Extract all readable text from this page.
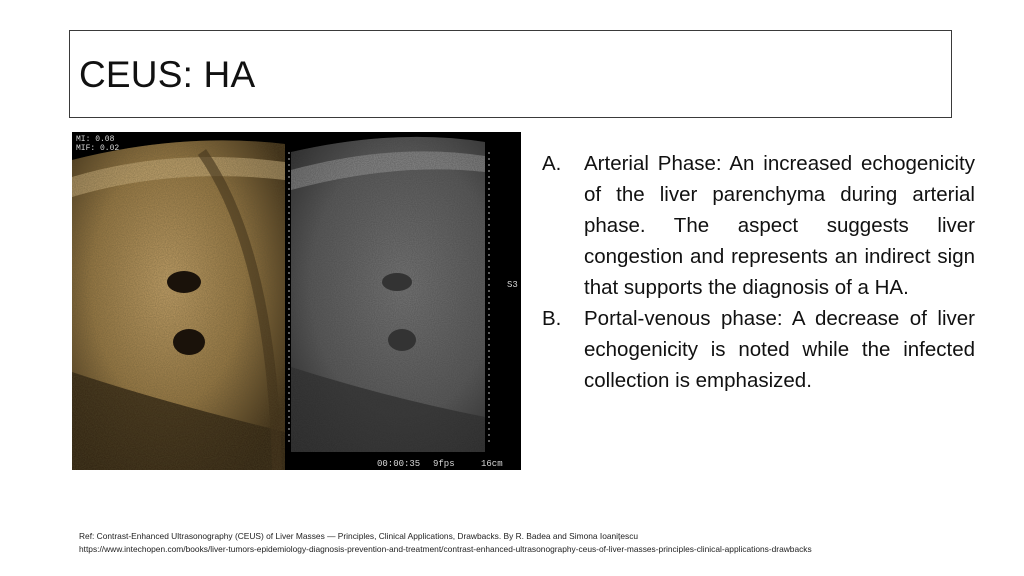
CEUS: HA
MI: 0.08
MIF: 0.02
S3
00:00:35 9fps	16cm
A.	Arterial Phase: An increased echogenicity of the liver parenchyma during arterial phase. The aspect suggests liver congestion and represents an indirect sign that supports the diagnosis of a HA.
B.	Portal-venous phase: A decrease of liver echogenicity is noted while the infected collection is emphasized.
Ref: Contrast-Enhanced Ultrasonography (CEUS) of Liver Masses — Principles, Clinical Applications, Drawbacks. By R. Badea and Simona Ioanițescu
https://www.intechopen.com/books/liver-tumors-epidemiology-diagnosis-prevention-and-treatment/contrast-enhanced-ultrasonography-ceus-of-liver-masses-principles-clinical-applications-drawbacks
